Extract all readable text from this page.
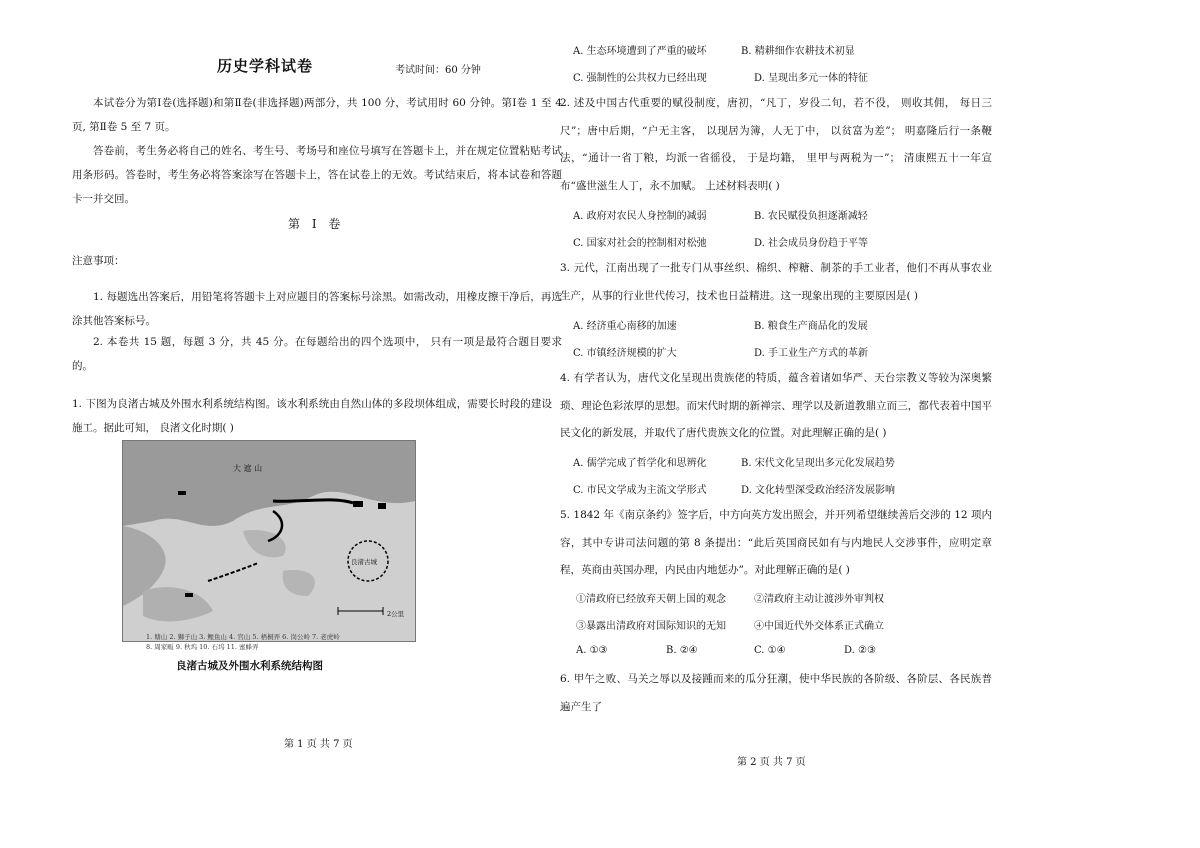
历史学科试卷	考试时间：60 分钟

本试卷分为第Ⅰ卷(选择题)和第Ⅱ卷(非选择题)两部分，共 100 分，考试用时 60 分钟。第Ⅰ卷 1 至 4 页, 第Ⅱ卷 5 至 7 页。

答卷前，考生务必将自己的姓名、考生号、考场号和座位号填写在答题卡上，并在规定位置粘贴考试用条形码。答卷时，考生务必将答案涂写在答题卡上，答在试卷上的无效。考试结束后，将本试卷和答题卡一并交回。

第 Ⅰ 卷
注意事项：

1. 每题选出答案后，用铅笔将答题卡上对应题目的答案标号涂黑。如需改动，用橡皮擦干净后，再选涂其他答案标号。

2. 本卷共 15 题，每题 3 分，共 45 分。在每题给出的四个选项中， 只有一项是最符合题目要求的。

1. 下图为良渚古城及外围水利系统结构图。该水利系统由自然山体的多段坝体组成，需要长时段的建设施工。据此可知， 良渚文化时期( )

大 遮 山
良渚古城
2公里
1. 塘山 2. 狮子山 3. 鲤鱼山 4. 官山 5. 梧桐弄 6. 岗公岭 7. 老虎岭
8. 周家畈 9. 秋坞 10. 石坞 11. 蜜蜂弄
良渚古城及外围水利系统结构图
第 1 页 共 7 页
A. 生态环境遭到了严重的破坏	B. 精耕细作农耕技术初显
C. 强制性的公共权力已经出现	D. 呈现出多元一体的特征

2. 述及中国古代重要的赋役制度，唐初，“凡丁，岁役二旬，若不役， 则收其佣， 每日三尺”；唐中后期，“户无主客， 以现居为簿，人无丁中， 以贫富为差”； 明嘉隆后行一条鞭法，“通计一省丁粮，均派一省徭役， 于是均籍， 里甲与两税为一”； 清康熙五十一年宣布“盛世滋生人丁，永不加赋。 上述材料表明( )

A. 政府对农民人身控制的减弱	B. 农民赋役负担逐渐减轻
C. 国家对社会的控制相对松弛	D. 社会成员身份趋于平等

3. 元代，江南出现了一批专门从事丝织、棉织、榨糖、制茶的手工业者，他们不再从事农业生产，从事的行业世代传习，技术也日益精进。这一现象出现的主要原因是( )

A. 经济重心南移的加速	B. 粮食生产商品化的发展
C. 市镇经济规模的扩大	D. 手工业生产方式的革新

4. 有学者认为，唐代文化呈现出贵族佬的特质，蕴含着诸如华严、天台宗教义等较为深奥繁琐、理论色彩浓厚的思想。而宋代时期的新禅宗、理学以及新道教鼎立而三，都代表着中国平民文化的新发展，并取代了唐代贵族文化的位置。对此理解正确的是( )

A. 儒学完成了哲学化和思辨化	B. 宋代文化呈现出多元化发展趋势
C. 市民文学成为主流文学形式	D. 文化转型深受政治经济发展影响

5. 1842 年《南京条约》签字后，中方向英方发出照会，并开列希望继续善后交涉的 12 项内容，其中专讲司法问题的第 8 条提出：“此后英国商民如有与内地民人交涉事件，应明定章程，英商由英国办理，内民由内地惩办”。对此理解正确的是( )

①清政府已经放弃天朝上国的观念	②清政府主动让渡涉外审判权
③暴露出清政府对国际知识的无知	④中国近代外交体系正式确立
A. ①③	B. ②④	C. ①④	D. ②③

6. 甲午之败、马关之辱以及接踵而来的瓜分狂潮，使中华民族的各阶级、各阶层、各民族普遍产生了

第 2 页 共 7 页
